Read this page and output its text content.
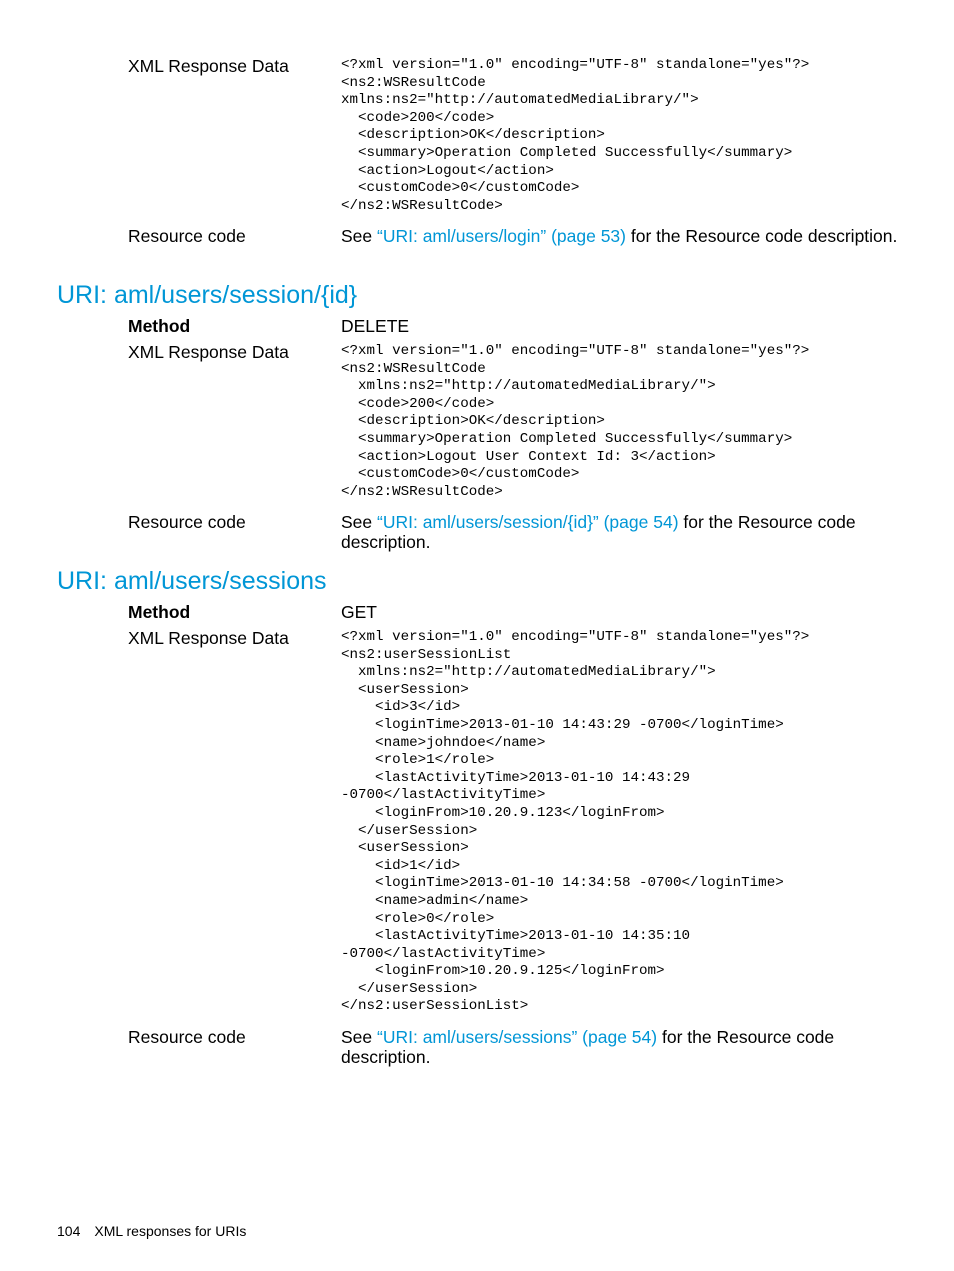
XML Response Data	<?xml version="1.0" encoding="UTF-8" standalone="yes"?>
<ns2:WSResultCode
xmlns:ns2="http://automatedMediaLibrary/">
<code>200</code>
<description>OK</description>
<summary>Operation Completed Successfully</summary>
<action>Logout</action>
<customCode>0</customCode>
</ns2:WSResultCode>
Resource code	See “URI: aml/users/login” (page 53) for the Resource code description.
URI: aml/users/session/{id}
Method	DELETE
XML Response Data	<?xml version="1.0" encoding="UTF-8" standalone="yes"?>
<ns2:WSResultCode
xmlns:ns2="http://automatedMediaLibrary/">
<code>200</code>
<description>OK</description>
<summary>Operation Completed Successfully</summary>
<action>Logout User Context Id: 3</action>
<customCode>0</customCode>
</ns2:WSResultCode>
Resource code	See “URI: aml/users/session/{id}” (page 54) for the Resource code description.
URI: aml/users/sessions
Method	GET
XML Response Data	<?xml version="1.0" encoding="UTF-8" standalone="yes"?>
<ns2:userSessionList
xmlns:ns2="http://automatedMediaLibrary/">
<userSession>
<id>3</id>
<loginTime>2013-01-10 14:43:29 -0700</loginTime>
<name>johndoe</name>
<role>1</role>
<lastActivityTime>2013-01-10 14:43:29
-0700</lastActivityTime>
<loginFrom>10.20.9.123</loginFrom>
</userSession>
<userSession>
<id>1</id>
<loginTime>2013-01-10 14:34:58 -0700</loginTime>
<name>admin</name>
<role>0</role>
<lastActivityTime>2013-01-10 14:35:10
-0700</lastActivityTime>
<loginFrom>10.20.9.125</loginFrom>
</userSession>
</ns2:userSessionList>
Resource code	See “URI: aml/users/sessions” (page 54) for the Resource code description.
104 XML responses for URIs
